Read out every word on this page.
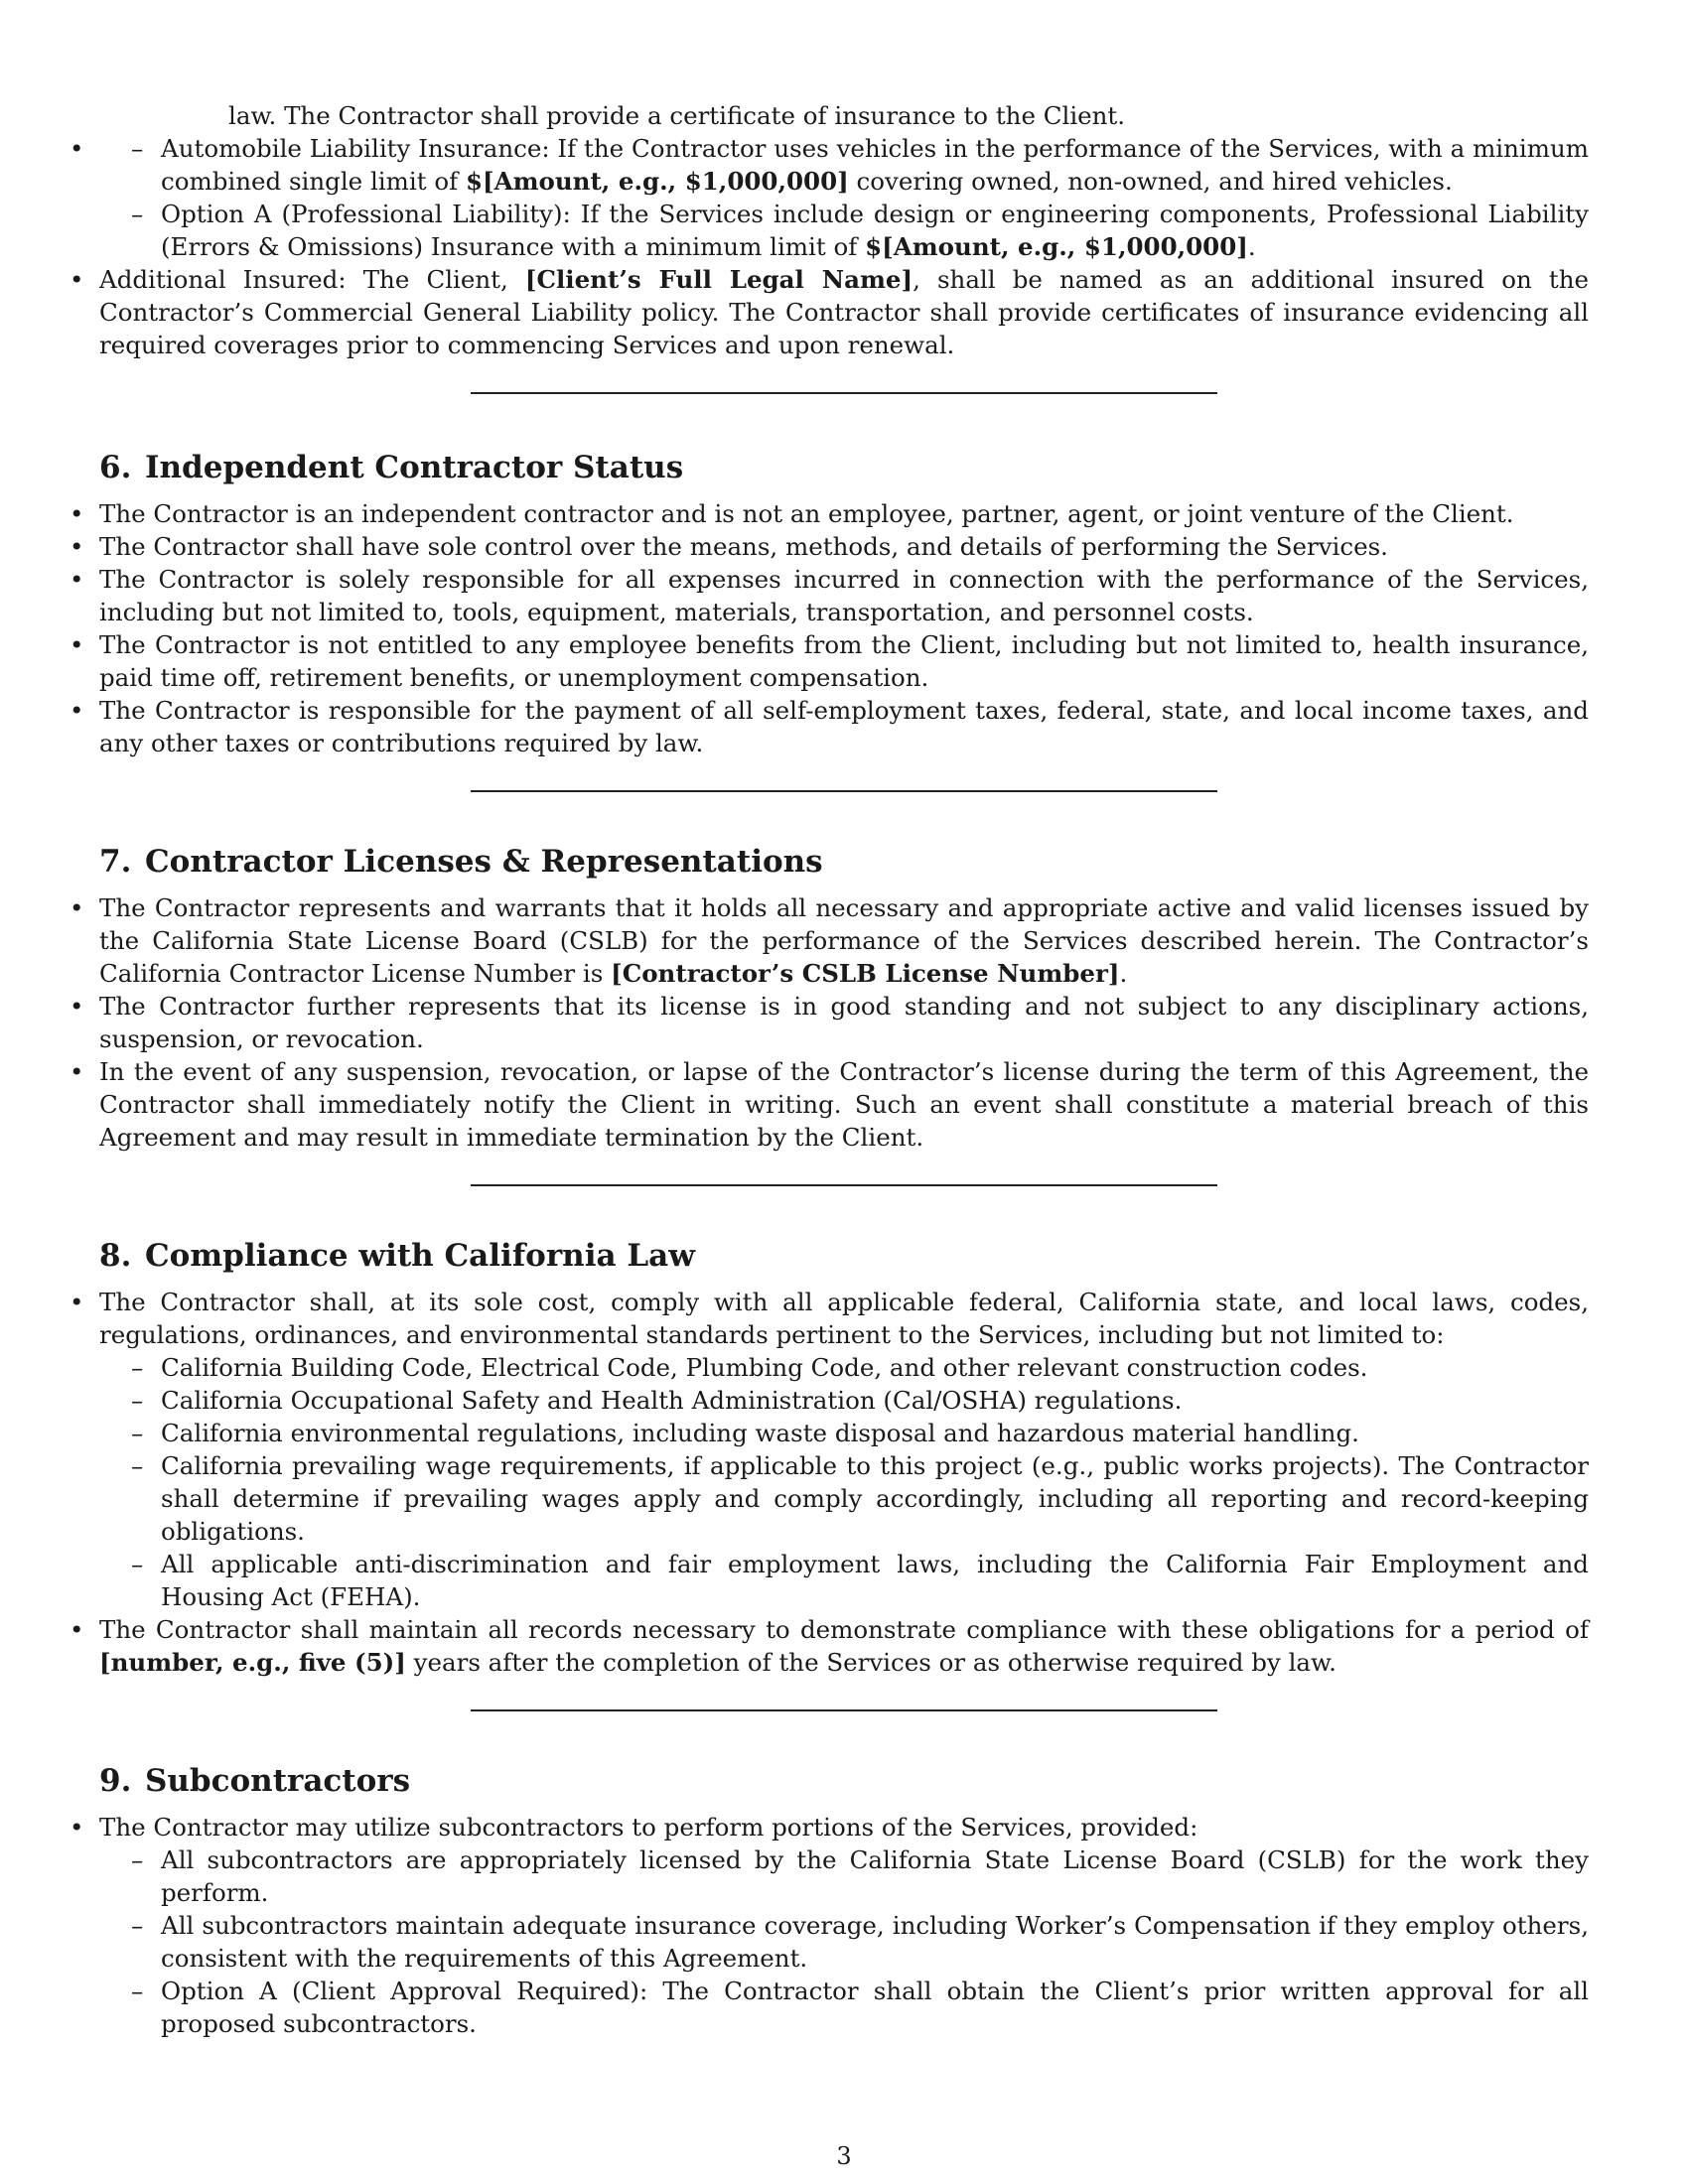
law. The Contractor shall provide a certificate of insurance to the Client.

– • Automobile Liability Insurance: If the Contractor uses vehicles in the performance of the Services, with a minimum combined single limit of $[Amount, e.g., $1,000,000] covering owned, non-owned, and hired vehicles.
– Option A (Professional Liability): If the Services include design or engineering components, Professional Liability (Errors & Omissions) Insurance with a minimum limit of $[Amount, e.g., $1,000,000].
• Additional Insured: The Client, [Client’s Full Legal Name], shall be named as an additional insured on the Contractor’s Commercial General Liability policy. The Contractor shall provide certificates of insurance evidencing all required coverages prior to commencing Services and upon renewal.
6. Independent Contractor Status
• The Contractor is an independent contractor and is not an employee, partner, agent, or joint venture of the Client.
• The Contractor shall have sole control over the means, methods, and details of performing the Services.
• The Contractor is solely responsible for all expenses incurred in connection with the performance of the Services, including but not limited to, tools, equipment, materials, transportation, and personnel costs.
• The Contractor is not entitled to any employee benefits from the Client, including but not limited to, health insurance, paid time off, retirement benefits, or unemployment compensation.
• The Contractor is responsible for the payment of all self-employment taxes, federal, state, and local income taxes, and any other taxes or contributions required by law.
7. Contractor Licenses & Representations
• The Contractor represents and warrants that it holds all necessary and appropriate active and valid licenses issued by the California State License Board (CSLB) for the performance of the Services described herein. The Contractor’s California Contractor License Number is [Contractor’s CSLB License Number].
• The Contractor further represents that its license is in good standing and not subject to any disciplinary actions, suspension, or revocation.
• In the event of any suspension, revocation, or lapse of the Contractor’s license during the term of this Agreement, the Contractor shall immediately notify the Client in writing. Such an event shall constitute a material breach of this Agreement and may result in immediate termination by the Client.
8. Compliance with California Law
• The Contractor shall, at its sole cost, comply with all applicable federal, California state, and local laws, codes, regulations, ordinances, and environmental standards pertinent to the Services, including but not limited to:
– California Building Code, Electrical Code, Plumbing Code, and other relevant construction codes.
– California Occupational Safety and Health Administration (Cal/OSHA) regulations.
– California environmental regulations, including waste disposal and hazardous material handling.
– California prevailing wage requirements, if applicable to this project (e.g., public works projects). The Contractor shall determine if prevailing wages apply and comply accordingly, including all reporting and record-keeping obligations.
– All applicable anti-discrimination and fair employment laws, including the California Fair Employment and Housing Act (FEHA).
• The Contractor shall maintain all records necessary to demonstrate compliance with these obligations for a period of [number, e.g., five (5)] years after the completion of the Services or as otherwise required by law.
9. Subcontractors
• The Contractor may utilize subcontractors to perform portions of the Services, provided:
– All subcontractors are appropriately licensed by the California State License Board (CSLB) for the work they perform.
– All subcontractors maintain adequate insurance coverage, including Worker’s Compensation if they employ others, consistent with the requirements of this Agreement.
– Option A (Client Approval Required): The Contractor shall obtain the Client’s prior written approval for all proposed subcontractors.
3
